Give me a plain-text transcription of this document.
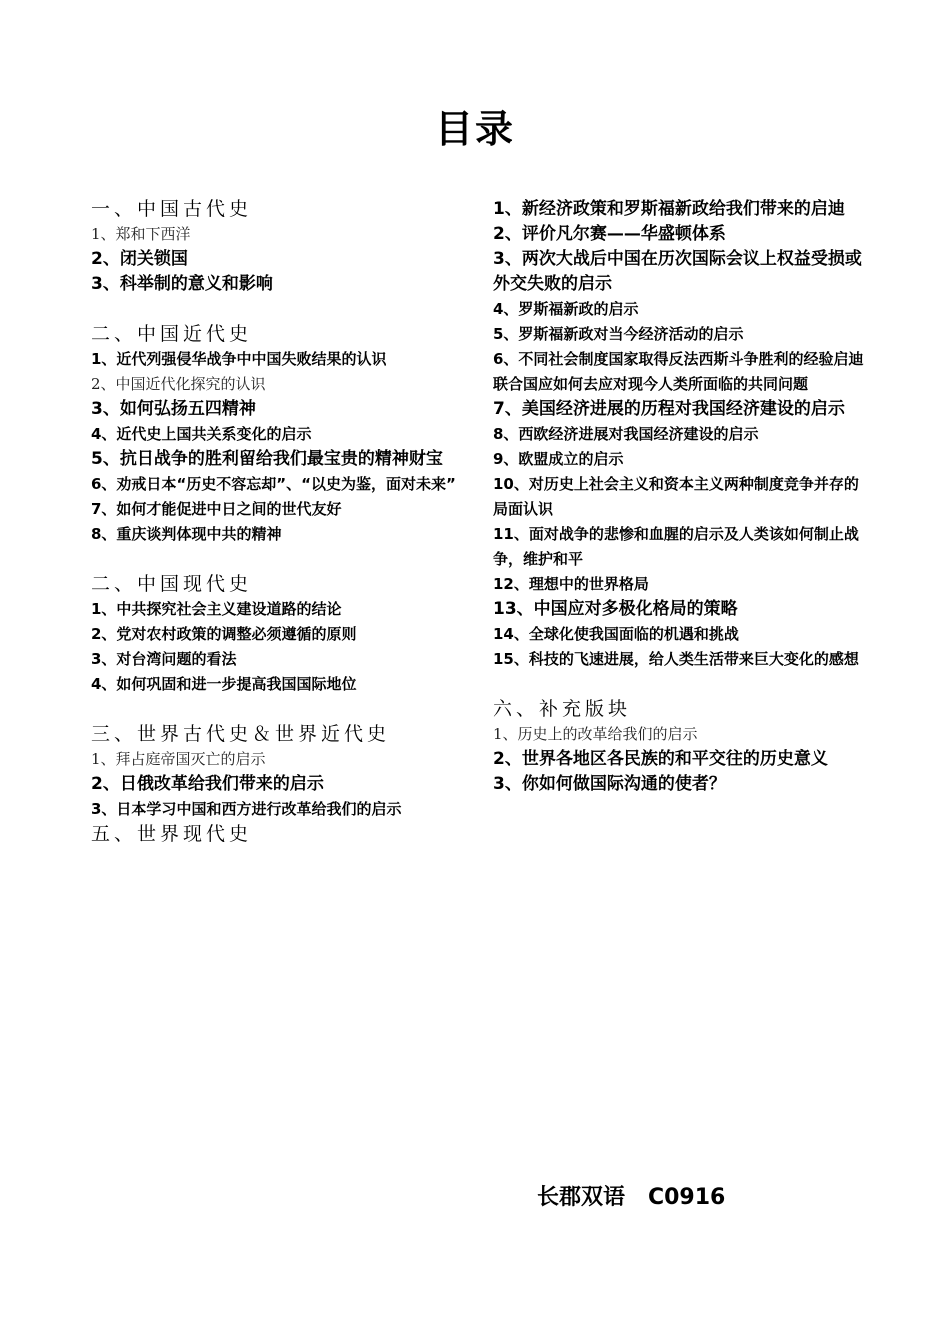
目录
一、中国古代史
1、郑和下西洋
2、闭关锁国
3、科举制的意义和影响
二、中国近代史
1、近代列强侵华战争中中国失败结果的认识
2、中国近代化探究的认识
3、如何弘扬五四精神
4、近代史上国共关系变化的启示
5、抗日战争的胜利留给我们最宝贵的精神财宝
6、劝戒日本“历史不容忘却”、“以史为鉴，面对未来”
7、如何才能促进中日之间的世代友好
8、重庆谈判体现中共的精神
二、中国现代史
1、中共探究社会主义建设道路的结论
2、党对农村政策的调整必须遵循的原则
3、对台湾问题的看法
4、如何巩固和进一步提高我国国际地位
三、世界古代史＆世界近代史
1、拜占庭帝国灭亡的启示
2、日俄改革给我们带来的启示
3、日本学习中国和西方进行改革给我们的启示
五、世界现代史
1、新经济政策和罗斯福新政给我们带来的启迪
2、评价凡尔赛——华盛顿体系
3、两次大战后中国在历次国际会议上权益受损或外交失败的启示
4、罗斯福新政的启示
5、罗斯福新政对当今经济活动的启示
6、不同社会制度国家取得反法西斯斗争胜利的经验启迪联合国应如何去应对现今人类所面临的共同问题
7、美国经济进展的历程对我国经济建设的启示
8、西欧经济进展对我国经济建设的启示
9、欧盟成立的启示
10、对历史上社会主义和资本主义两种制度竞争并存的局面认识
11、面对战争的悲惨和血腥的启示及人类该如何制止战争，维护和平
12、理想中的世界格局
13、中国应对多极化格局的策略
14、全球化使我国面临的机遇和挑战
15、科技的飞速进展，给人类生活带来巨大变化的感想
六、补充版块
1、历史上的改革给我们的启示
2、世界各地区各民族的和平交往的历史意义
3、你如何做国际沟通的使者？
长郡双语   C0916
